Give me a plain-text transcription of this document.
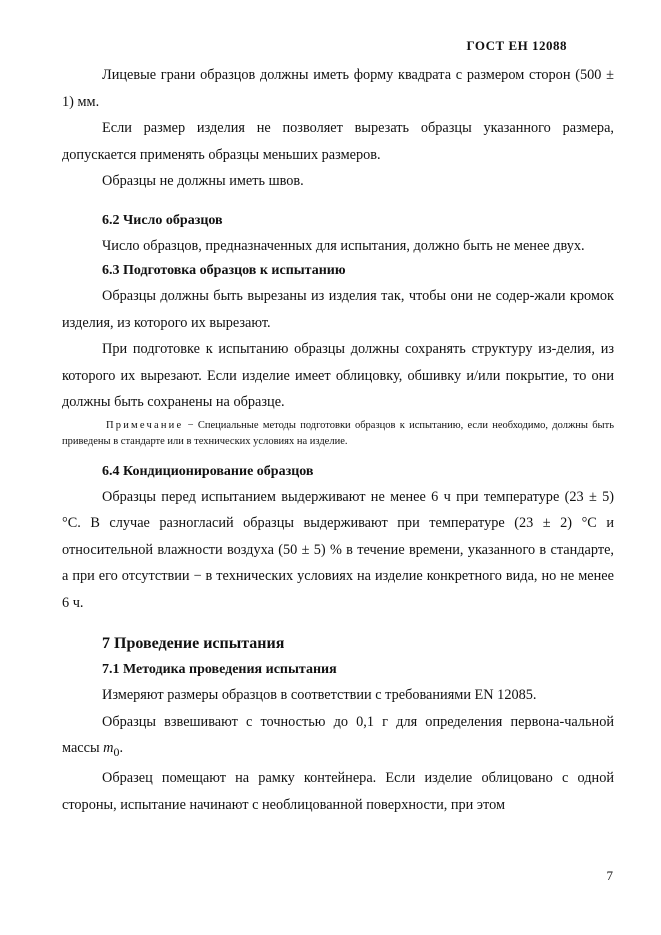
ГОСТ ЕН 12088

Лицевые грани образцов должны иметь форму квадрата с размером сторон (500 ± 1) мм.

Если размер изделия не позволяет вырезать образцы указанного размера, допускается применять образцы меньших размеров.

Образцы не должны иметь швов.

6.2 Число образцов

Число образцов, предназначенных для испытания, должно быть не менее двух.

6.3 Подготовка образцов к испытанию

Образцы должны быть вырезаны из изделия так, чтобы они не содер-жали кромок изделия, из которого их вырезают.

При подготовке к испытанию образцы должны сохранять структуру из-делия, из которого их вырезают. Если изделие имеет облицовку, обшивку и/или покрытие, то они должны быть сохранены на образце.

Примечание − Специальные методы подготовки образцов к испытанию, если необходимо, должны быть приведены в стандарте или в технических условиях на изделие.
6.4 Кондиционирование образцов

Образцы перед испытанием выдерживают не менее 6 ч при температуре (23 ± 5) °С. В случае разногласий образцы выдерживают при температуре (23 ± 2) °С и относительной влажности воздуха (50 ± 5) % в течение времени, указанного в стандарте, а при его отсутствии − в технических условиях на изделие конкретного вида, но не менее 6 ч.

7 Проведение испытания
7.1 Методика проведения испытания

Измеряют размеры образцов в соответствии с требованиями EN 12085.

Образцы взвешивают с точностью до 0,1 г для определения первона-чальной массы $m_0$.

Образец помещают на рамку контейнера. Если изделие облицовано с одной стороны, испытание начинают с необлицованной поверхности, при этом

7
